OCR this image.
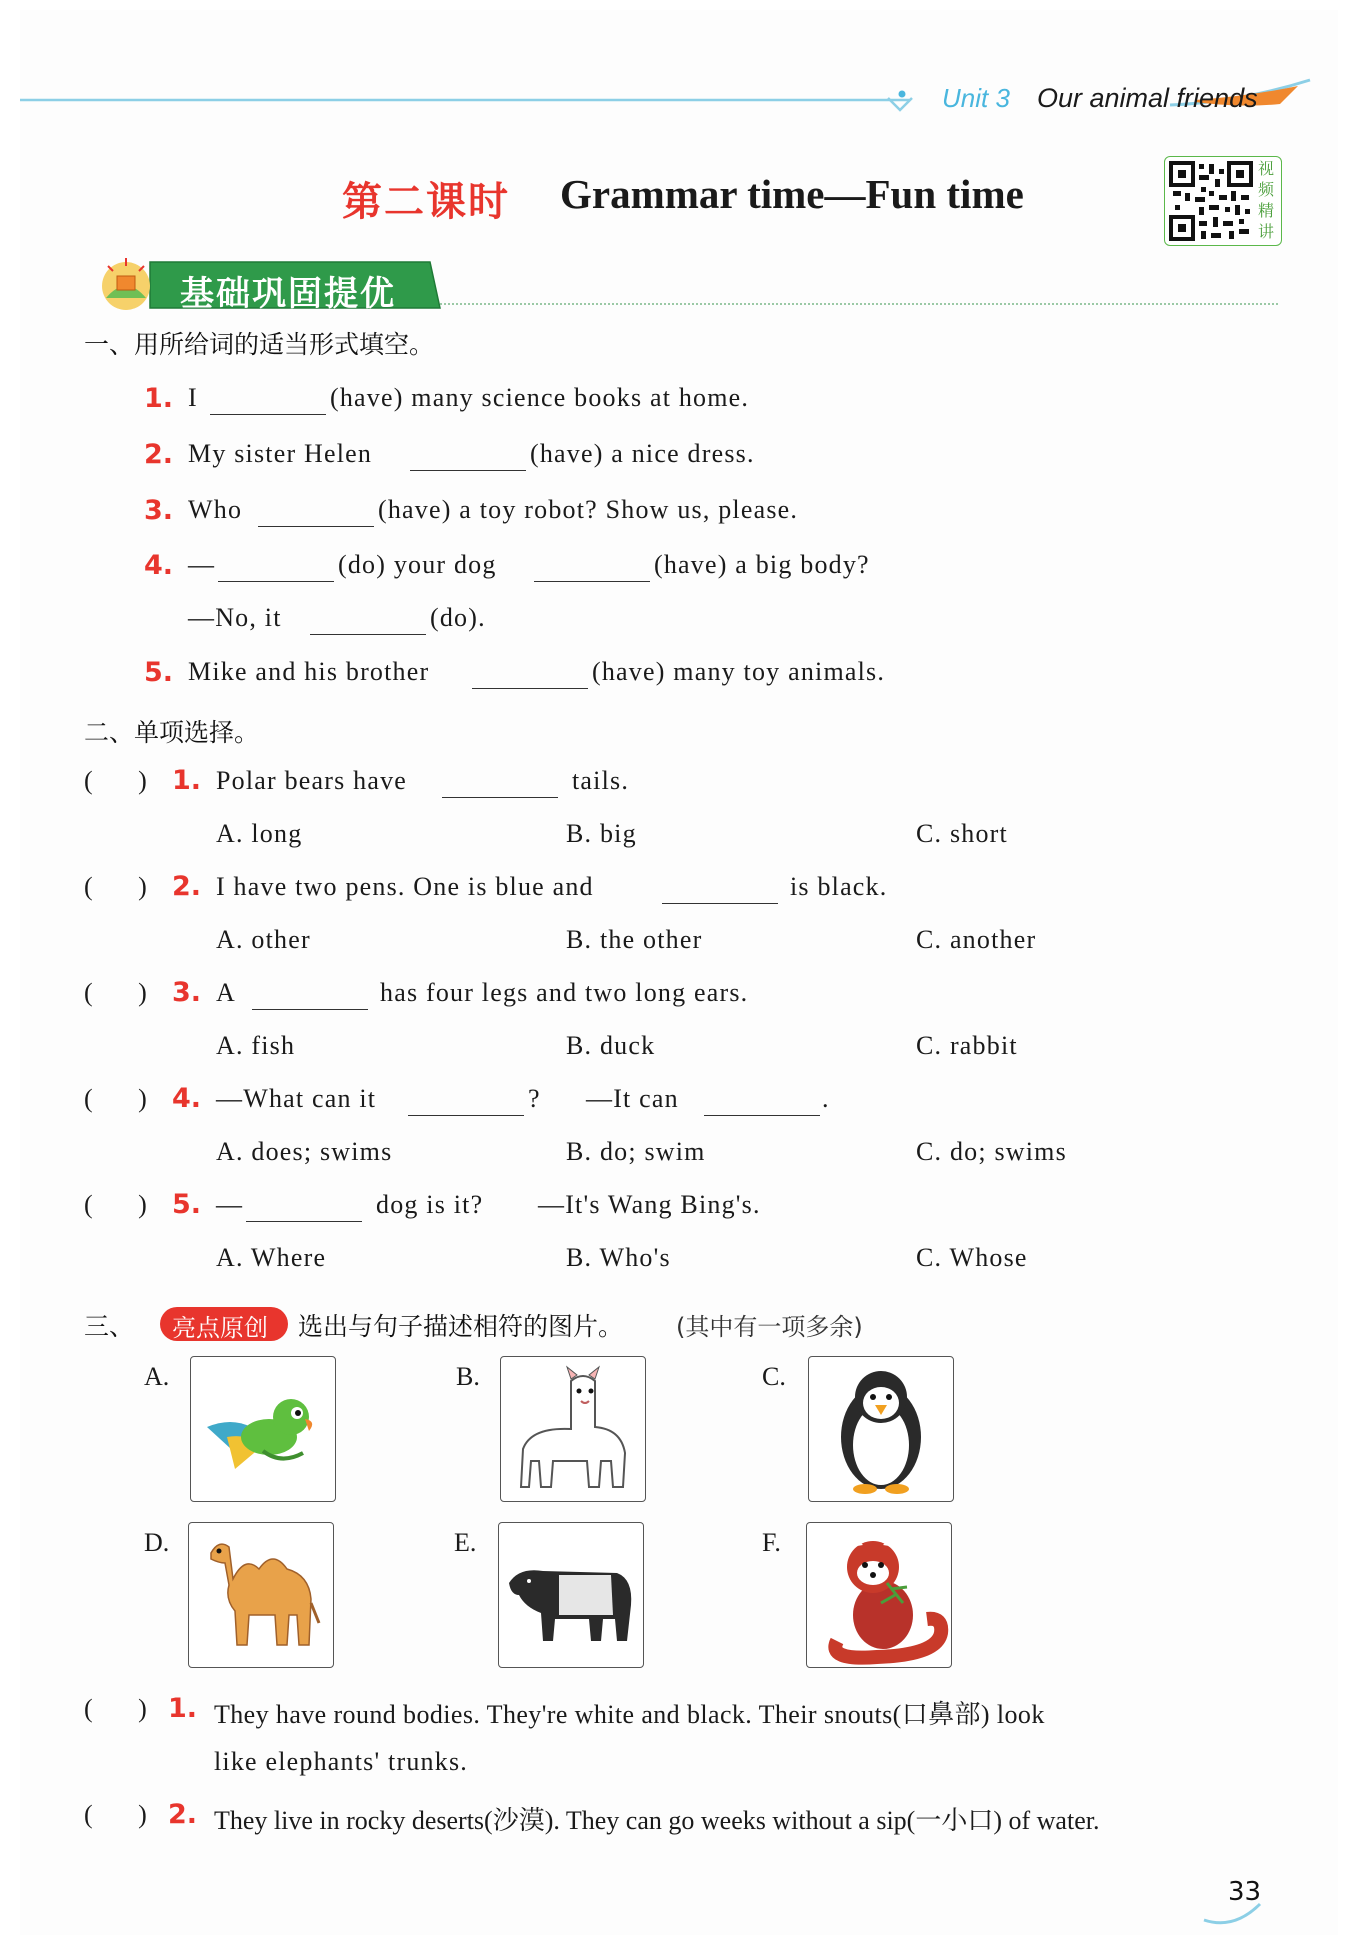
Unit 3 Our animal friends
第二课时 Grammar time—Fun time
视
频
精
讲
基础巩固提优
一、用所给词的适当形式填空。
1. I	(have) many science books at home.
2. My sister Helen	(have) a nice dress.
3. Who	(have) a toy robot? Show us, please.
4. —	(do) your dog	(have) a big body?
—No, it	(do).
5. Mike and his brother	(have) many toy animals.
二、单项选择。
(       ) 1. Polar bears have	tails.
A. long	B. big	C. short
(       ) 2. I have two pens. One is blue and	is black.
A. other	B. the other	C. another
(       ) 3. A	has four legs and two long ears.
A. fish	B. duck	C. rabbit
(       ) 4. —What can it	? —It can	.
A. does; swims	B. do; swim	C. do; swims
(       ) 5. —	dog is it? —It's Wang Bing's.
A. Where	B. Who's	C. Whose
三、 亮点原创 选出与句子描述相符的图片。 (其中有一项多余)
A.	B.	C.
D.	E.	F.
(       ) 1. They have round bodies. They're white and black. Their snouts(口鼻部) look
like elephants' trunks.
(       ) 2. They live in rocky deserts(沙漠). They can go weeks without a sip(一小口) of water.
33
